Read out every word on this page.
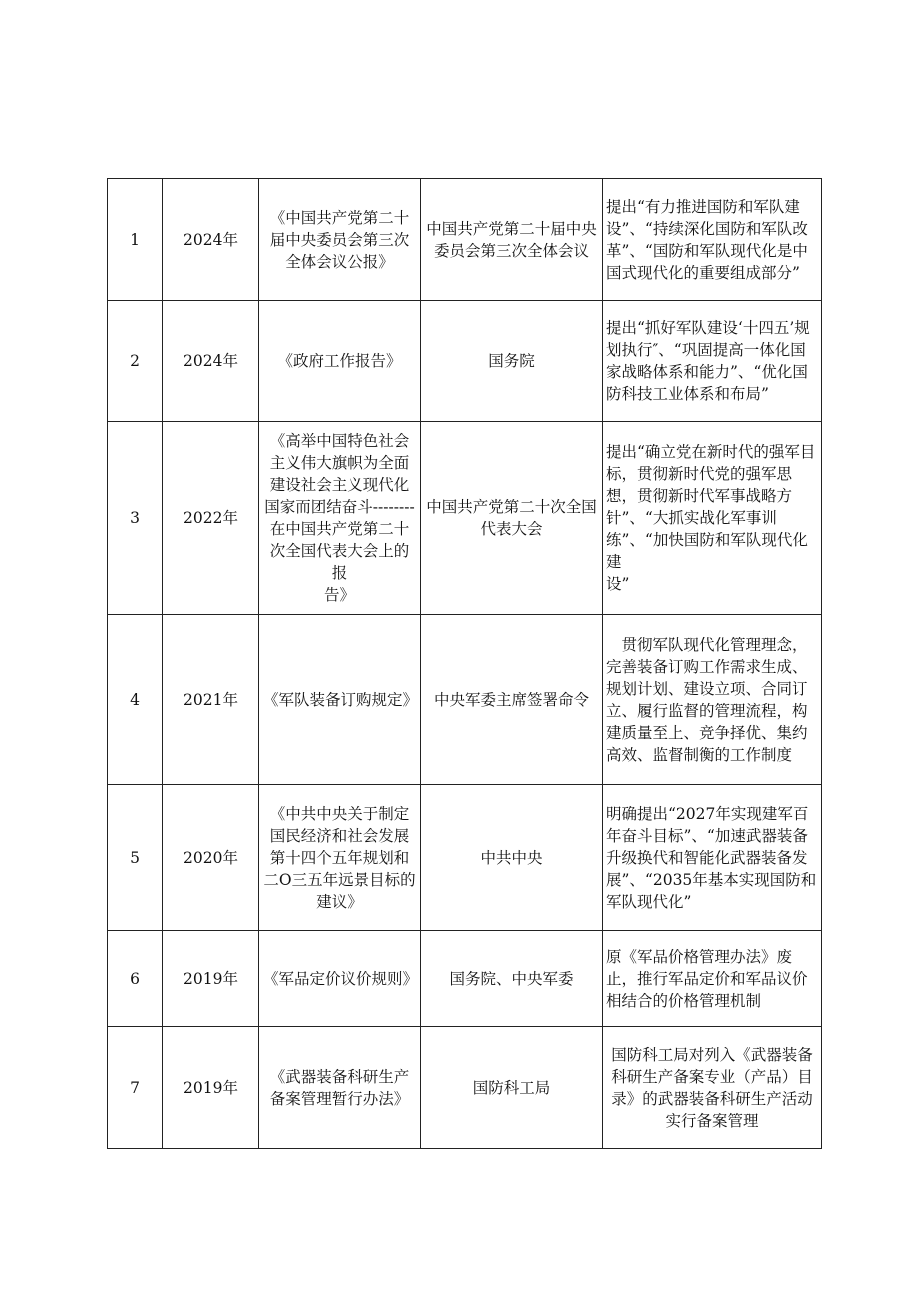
1	2024年	《中国共产党第二十届中央委员会第三次全体会议公报》	中国共产党第二十届中央委员会第三次全体会议	提出“有力推进国防和军队建设”、“持续深化国防和军队改革”、“国防和军队现代化是中国式现代化的重要组成部分”

2	2024年	《政府工作报告》	国务院	提出“抓好军队建设‘十四五’规划执行″、“巩固提高一体化国家战略体系和能力”、“优化国防科技工业体系和布局”

3	2022年	《高举中国特色社会主义伟大旗帜为全面建设社会主义现代化国家而团结奋斗--------在中国共产党第二十次全国代表大会上的报
告》	中国共产党第二十次全国代表大会	提出“确立党在新时代的强军目标，贯彻新时代党的强军思想，贯彻新时代军事战略方针”、“大抓实战化军事训练”、“加快国防和军队现代化建
设”

4	2021年	《军队装备订购规定》	中央军委主席签署命令	贯彻军队现代化管理理念，完善装备订购工作需求生成、规划计划、建设立项、合同订立、履行监督的管理流程，构建质量至上、竞争择优、集约高效、监督制衡的工作制度

5	2020年	《中共中央关于制定国民经济和社会发展第十四个五年规划和二O三五年远景目标的建议》	中共中央	明确提出“2027年实现建军百年奋斗目标”、“加速武器装备升级换代和智能化武器装备发展”、“2035年基本实现国防和
军队现代化”

6	2019年	《军品定价议价规则》	国务院、中央军委	原《军品价格管理办法》废止，推行军品定价和军品议价相结合的价格管理机制

7	2019年	《武器装备科研生产备案管理暂行办法》	国防科工局	国防科工局对列入《武器装备科研生产备案专业（产品）目录》的武器装备科研生产活动实行备案管理
